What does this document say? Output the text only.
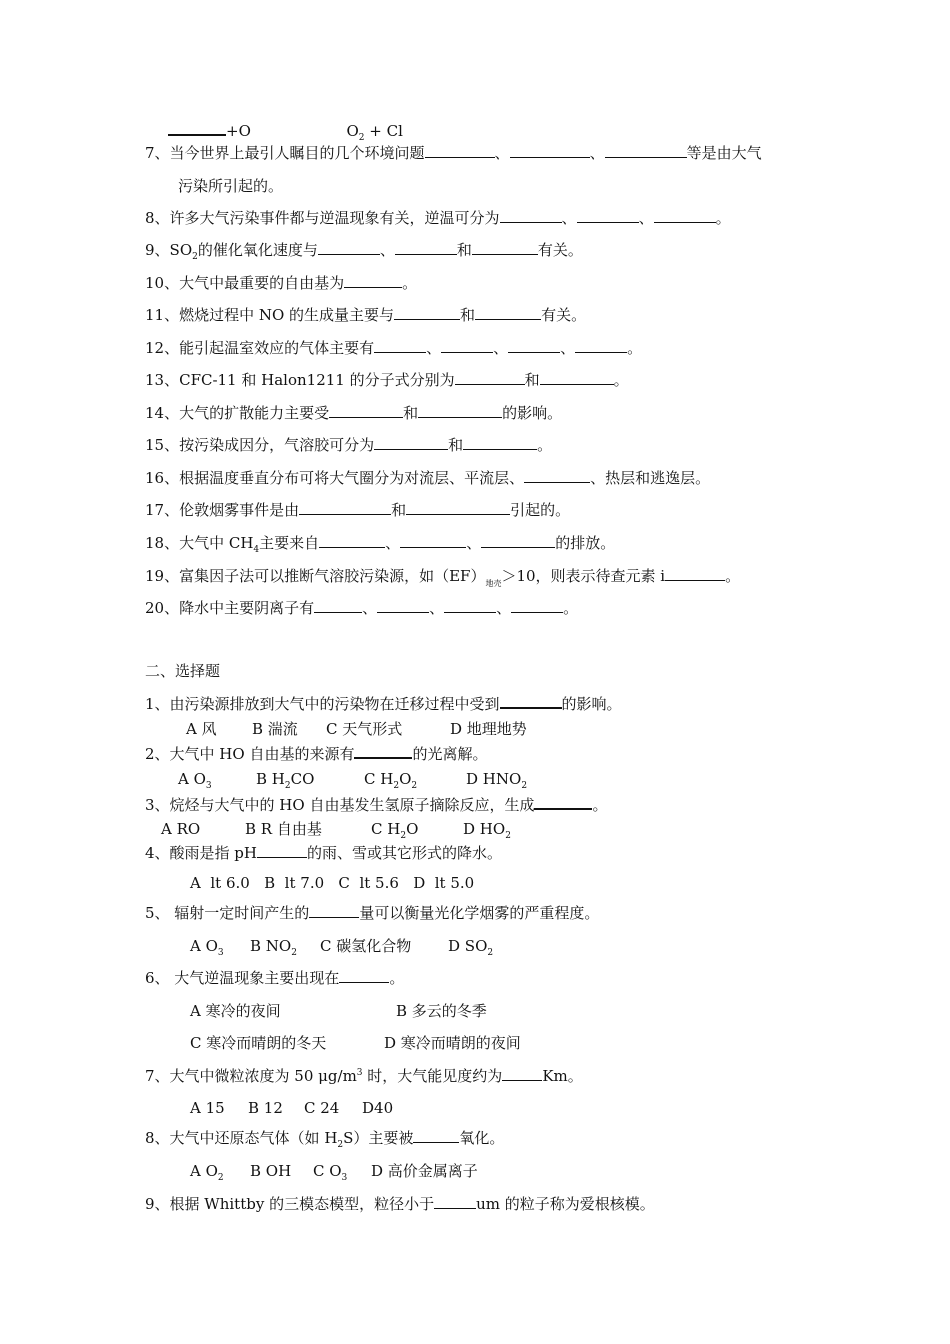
+O	$O_2 + Cl$
7、当今世界上最引人瞩目的几个环境问题	、	、	等是由大气
污染所引起的。
8、许多大气污染事件都与逆温现象有关，逆温可分为	、	、	。
9、$SO_2$的催化氧化速度与	、	和	有关。
10、大气中最重要的自由基为	。
11、燃烧过程中 NO 的生成量主要与	和	有关。
12、能引起温室效应的气体主要有	、	、	、	。
13、CFC-11 和 Halon1211 的分子式分别为	和	。
14、大气的扩散能力主要受	和	的影响。
15、按污染成因分，气溶胶可分为	和	。
16、根据温度垂直分布可将大气圈分为对流层、平流层、	、热层和逃逸层。
17、伦敦烟雾事件是由	和	引起的。
18、大气中 $CH_4$主要来自	、	、	的排放。
19、富集因子法可以推断气溶胶污染源，如$(EF)_{地壳}>10$，则表示待查元素 i	。
20、降水中主要阴离子有	、	、	、	。
二、选择题
1、由污染源排放到大气中的污染物在迁移过程中受到	的影响。
A 风 B 湍流 C 天气形式	D 地理地势
2、大气中 HO 自由基的来源有	的光离解。
A $O_3$	B $H_2CO$	C $H_2O_2$	D $HNO_2$
3、烷烃与大气中的 HO 自由基发生氢原子摘除反应，生成	。
A RO	B R 自由基	C $H_2O$	D $HO_2$
4、酸雨是指 pH	的雨、雪或其它形式的降水。
A  lt 6.0   B  lt 7.0   C  lt 5.6   D  lt 5.0
5、 辐射一定时间产生的	量可以衡量光化学烟雾的严重程度。
A $O_3$ B $NO_2$ C 碳氢化合物 D $SO_2$
6、 大气逆温现象主要出现在	。
A 寒冷的夜间	B 多云的冬季
C 寒冷而晴朗的冬天	D 寒冷而晴朗的夜间
7、大气中微粒浓度为 50 $\mu g/m^3$ 时，大气能见度约为	Km。
A 15 B 12 C 24 D40
8、大气中还原态气体（如 $H_2S$）主要被	氧化。
A $O_2$ B OH C $O_3$ D 高价金属离子
9、根据 Whittby 的三模态模型，粒径小于	um 的粒子称为爱根核模。
